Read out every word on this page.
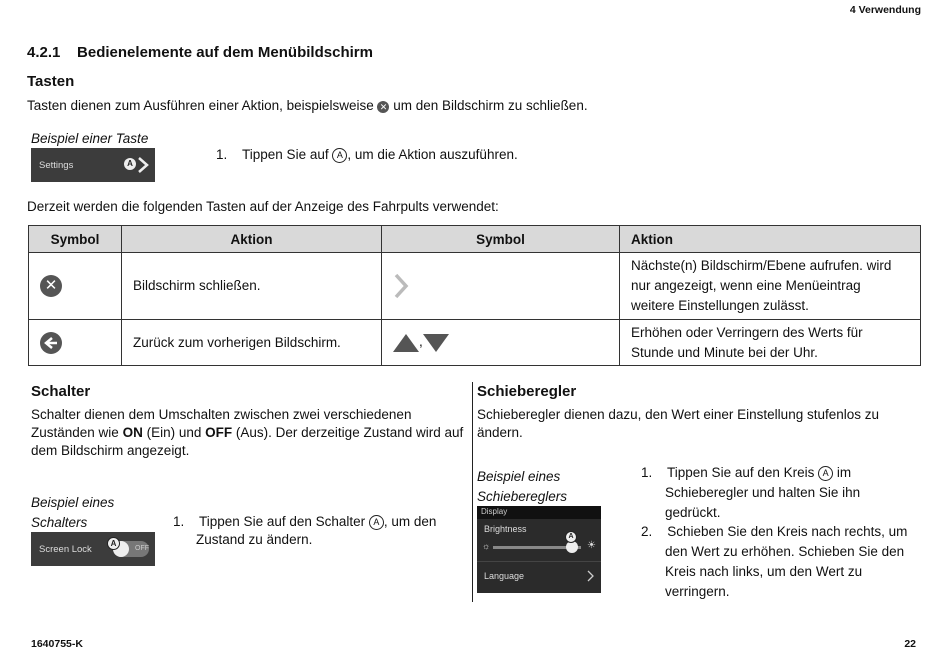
4 Verwendung
4.2.1 Bedienelemente auf dem Menübildschirm
Tasten
Tasten dienen zum Ausführen einer Aktion, beispielsweise ✕ um den Bildschirm zu schließen.
Beispiel einer Taste
Settings	A
1. Tippen Sie auf A , um die Aktion auszuführen.
Derzeit werden die folgenden Tasten auf der Anzeige des Fahrpults verwendet:
Symbol	Aktion	Symbol	Aktion
✕	Bildschirm schließen.		Nächste(n) Bildschirm/Ebene aufrufen. wird
nur angezeigt, wenn eine Menüeintrag
weitere Einstellungen zulässt.

	Zurück zum vorherigen Bildschirm.	,	Erhöhen oder Verringern des Werts für
Stunde und Minute bei der Uhr.
Schalter
Schalter dienen dem Umschalten zwischen zwei verschiedenen
Zuständen wie ON (Ein) und OFF (Aus). Der derzeitige Zustand wird auf
dem Bildschirm angezeigt.
Beispiel eines
Schalters
Screen Lock	OFF
A
1. Tippen Sie auf den Schalter A , um den
Zustand zu ändern.
Schieberegler
Schieberegler dienen dazu, den Wert einer Einstellung stufenlos zu
ändern.
Beispiel eines
Schiebereglers
Display
Brightness
☼
A
☀
Language
1. Tippen Sie auf den Kreis A im
Schieberegler und halten Sie ihn
gedrückt.
2. Schieben Sie den Kreis nach rechts, um
den Wert zu erhöhen. Schieben Sie den
Kreis nach links, um den Wert zu
verringern.
1640755-K	22
